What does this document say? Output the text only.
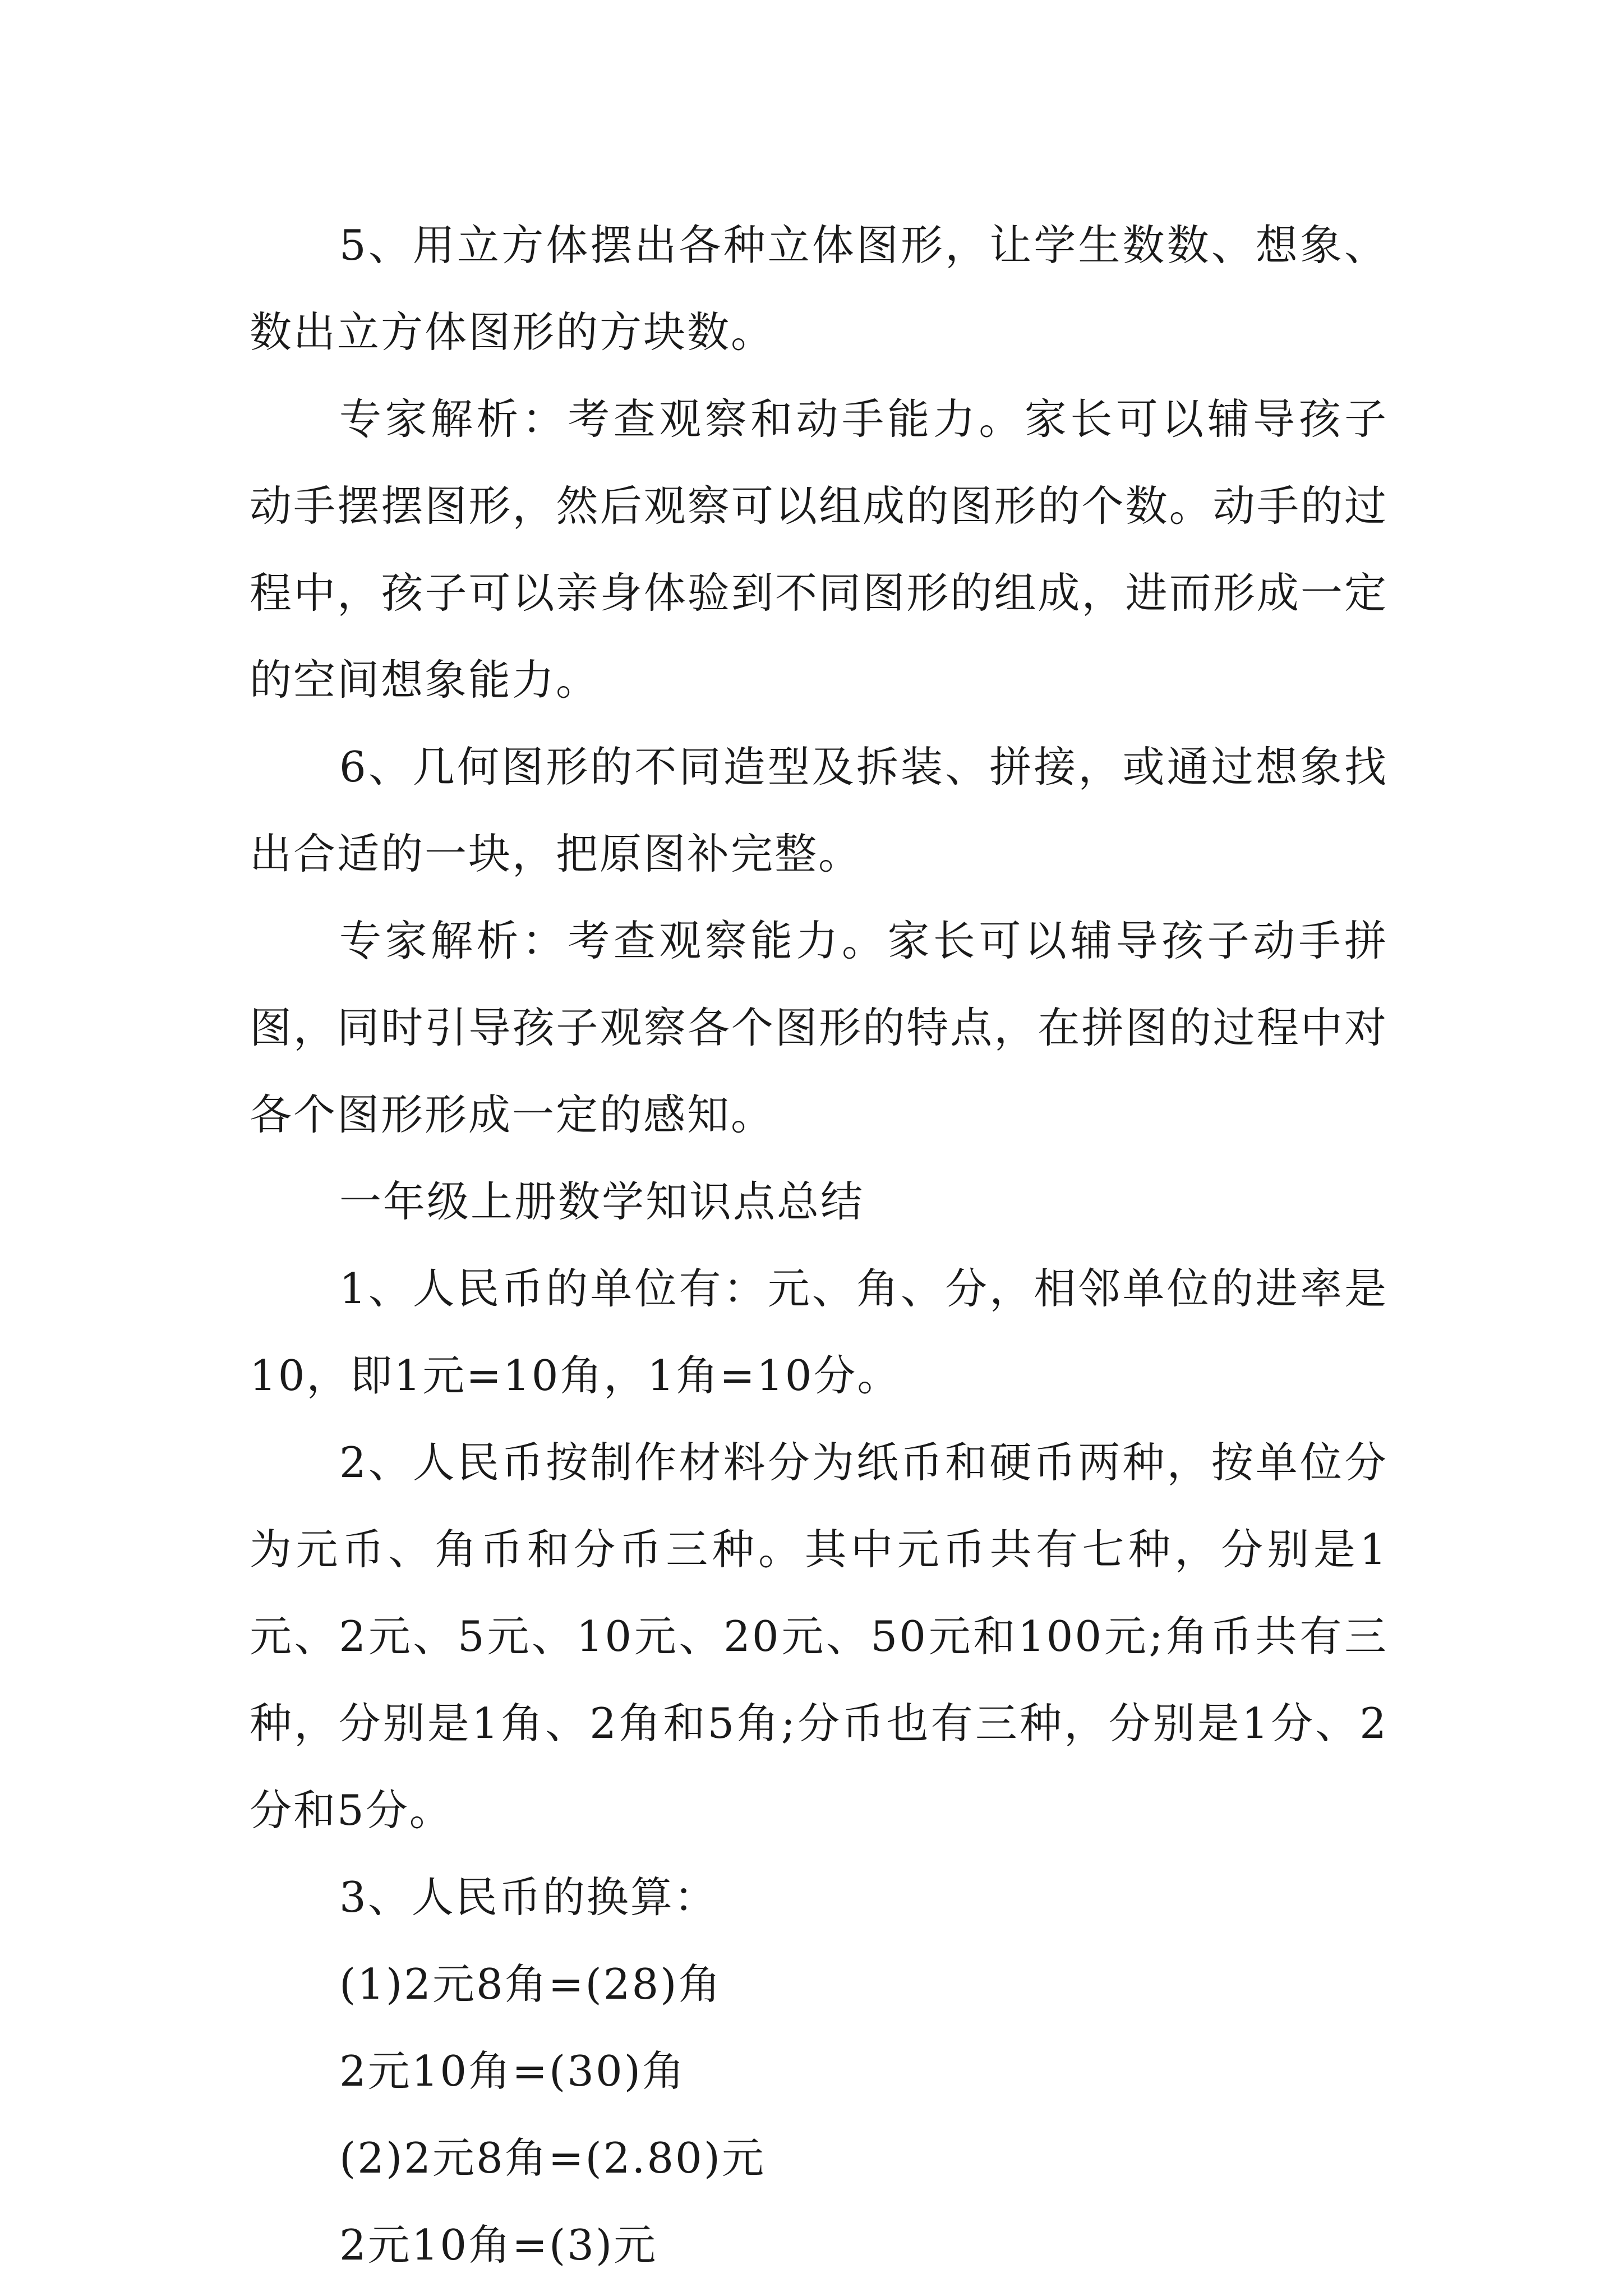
5、用立方体摆出各种立体图形，让学生数数、想象、数出立方体图形的方块数。

专家解析：考查观察和动手能力。家长可以辅导孩子动手摆摆图形，然后观察可以组成的图形的个数。动手的过程中，孩子可以亲身体验到不同图形的组成，进而形成一定的空间想象能力。

6、几何图形的不同造型及拆装、拼接，或通过想象找出合适的一块，把原图补完整。

专家解析：考查观察能力。家长可以辅导孩子动手拼图，同时引导孩子观察各个图形的特点，在拼图的过程中对各个图形形成一定的感知。

一年级上册数学知识点总结

1、人民币的单位有：元、角、分，相邻单位的进率是10，即1元=10角，1角=10分。

2、人民币按制作材料分为纸币和硬币两种，按单位分为元币、角币和分币三种。其中元币共有七种，分别是1元、2元、5元、10元、20元、50元和100元;角币共有三种，分别是1角、2角和5角;分币也有三种，分别是1分、2分和5分。

3、人民币的换算：

(1)2元8角=(28)角

2元10角=(30)角

(2)2元8角=(2.80)元

2元10角=(3)元
